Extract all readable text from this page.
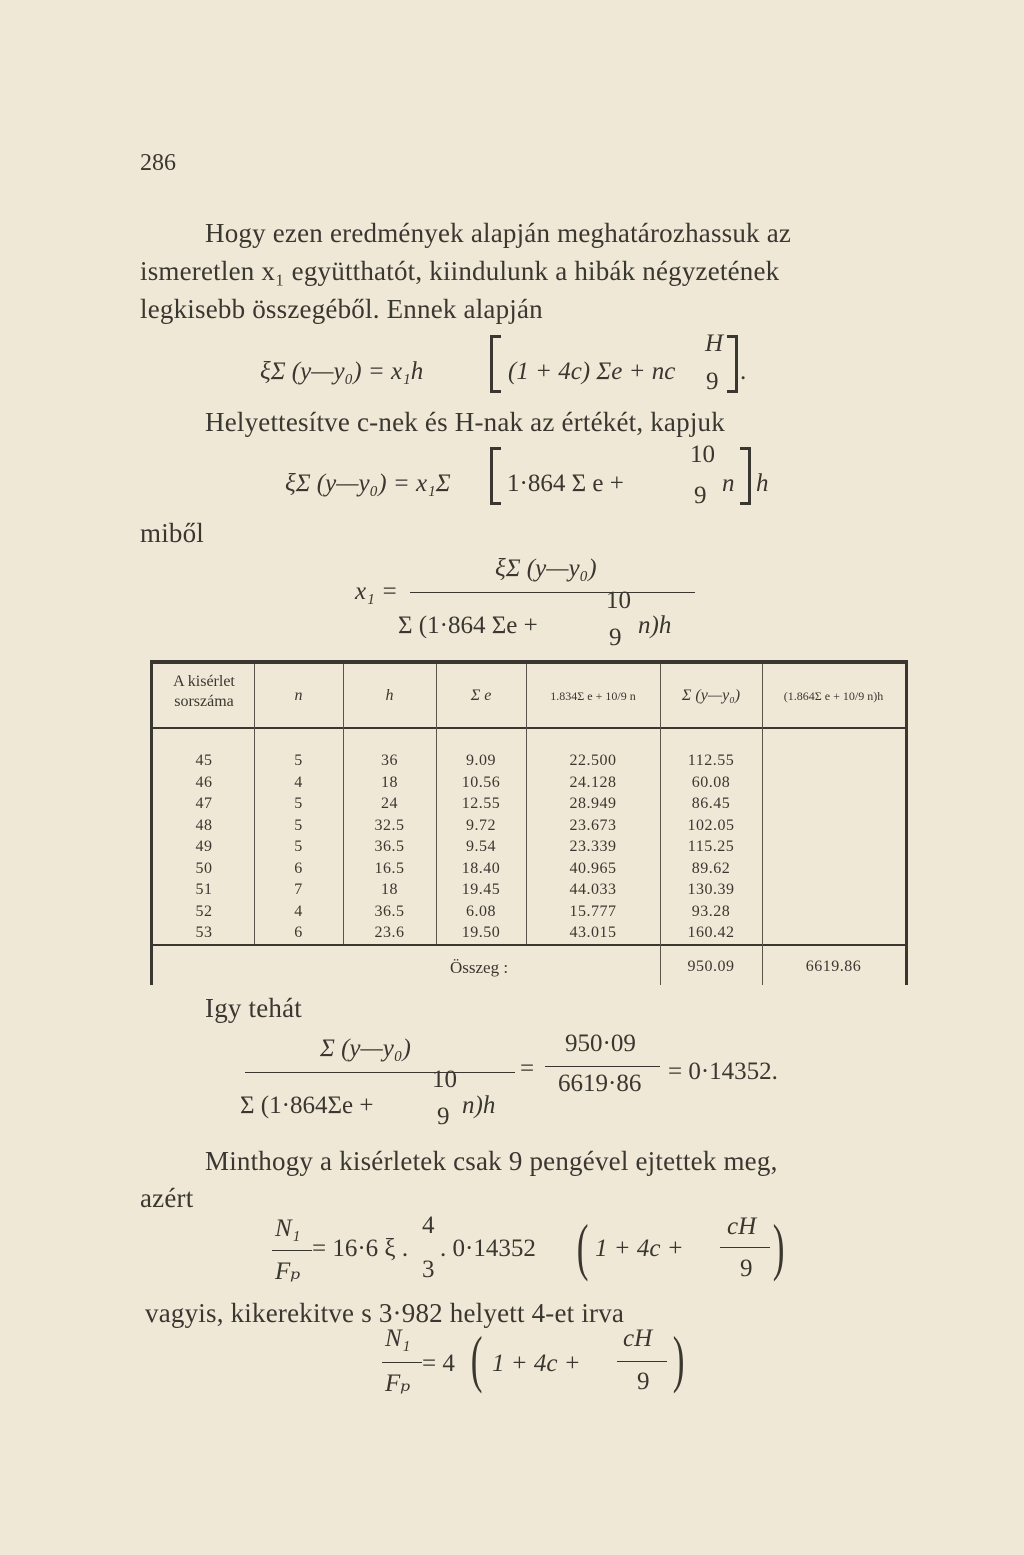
286
Hogy ezen eredmények alapján meghatározhassuk az
ismeretlen x₁ együtthatót, kiindulunk a hibák négyzetének
legkisebb összegéből. Ennek alapján
ξΣ (y—y₀) = x₁h	(1 + 4c) Σe + nc
H
9 .
Helyettesítve c-nek és H-nak az értékét, kapjuk
ξΣ (y—y₀) = x₁Σ 1·864 Σ e +
10
9 n h
miből
x₁ =
ξΣ (y—y₀)
Σ (1·864 Σe +
10
9 n)h
A kisérlet sorszáma	n	h	Σ e	1.834Σ e + 10/9 n	Σ (y—y₀)	(1.864Σ e + 10/9 n)h
45	5	36	9.09	22.500	112.55
46	4	18	10.56	24.128	60.08
47	5	24	12.55	28.949	86.45
48	5	32.5	9.72	23.673	102.05
49	5	36.5	9.54	23.339	115.25
50	6	16.5	18.40	40.965	89.62
51	7	18	19.45	44.033	130.39
52	4	36.5	6.08	15.777	93.28
53	6	23.6	19.50	43.015	160.42
Összeg :	950.09	6619.86
Igy tehát
Σ (y—y₀)
Σ (1·864Σe +
10
9 n)h
=
950·09
6619·86 = 0·14352.
Minthogy a kisérletek csak 9 pengével ejtettek meg,
azért
N₁
Fₚ
= 16·6 ξ .
4
3
. 0·14352 ( 1 + 4c +
cH
9 )
vagyis, kikerekitve s 3·982 helyett 4-et irva
N₁
Fₚ
= 4 ( 1 + 4c +
cH
9 )
